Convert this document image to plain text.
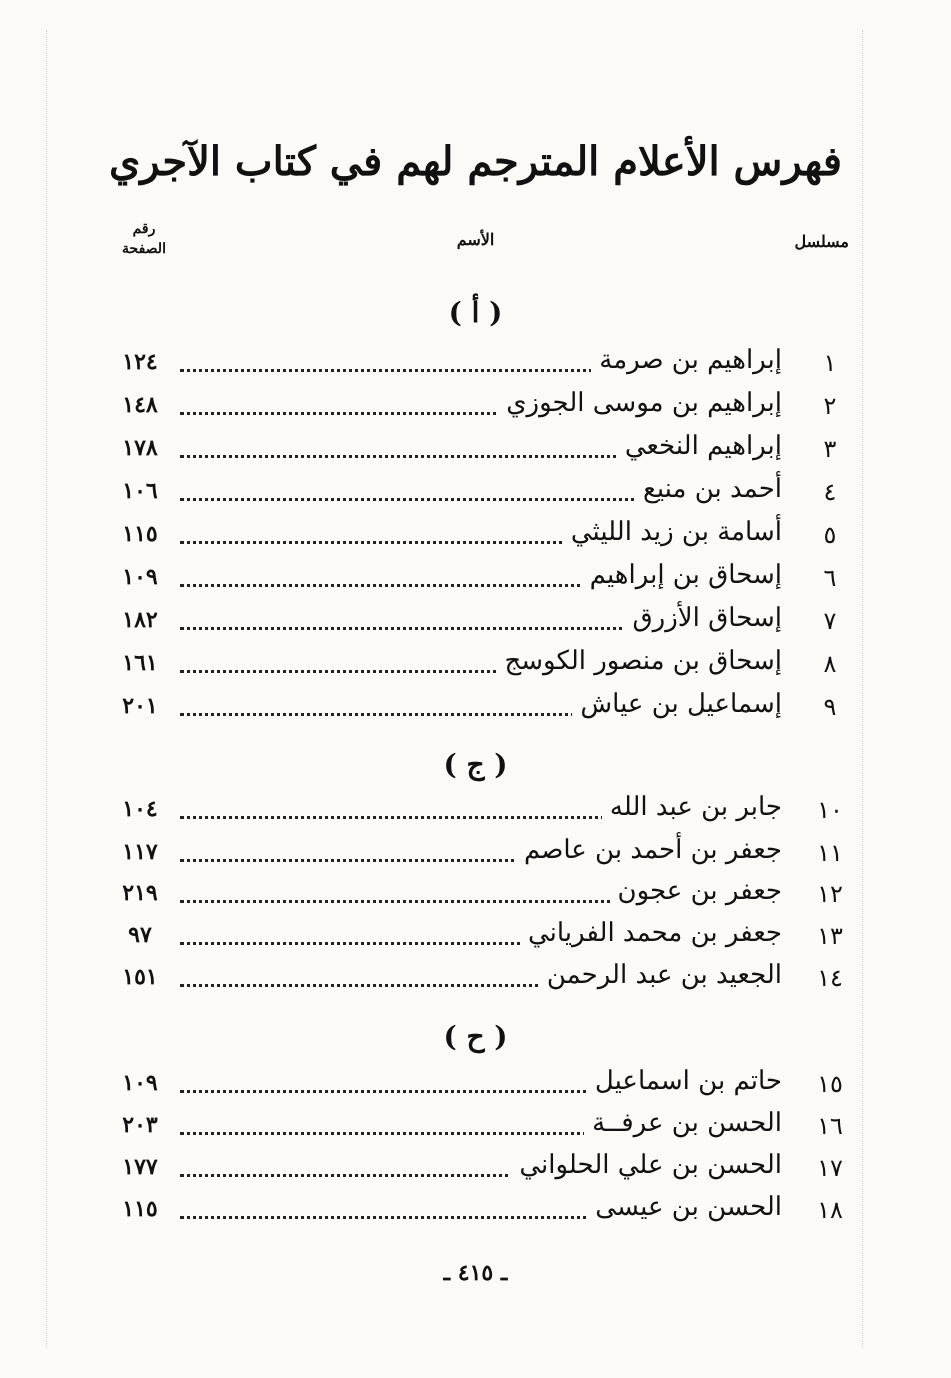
فهرس الأعلام المترجم لهم في كتاب الآجري
مسلسل
الأسم
رقم
الصفحة
( أ )
١
إبراهيم بن صرمة
١٢٤
٢
إبراهيم بن موسى الجوزي
١٤٨
٣
إبراهيم النخعي
١٧٨
٤
أحمد بن منيع
١٠٦
٥
أسامة بن زيد الليثي
١١٥
٦
إسحاق بن إبراهيم
١٠٩
٧
إسحاق الأزرق
١٨٢
٨
إسحاق بن منصور الكوسج
١٦١
٩
إسماعيل بن عياش
٢٠١
( ج )
١٠
جابر بن عبد الله
١٠٤
١١
جعفر بن أحمد بن عاصم
١١٧
١٢
جعفر بن عجون
٢١٩
١٣
جعفر بن محمد الفرياني
٩٧
١٤
الجعيد بن عبد الرحمن
١٥١
( ح )
١٥
حاتم بن اسماعيل
١٠٩
١٦
الحسن بن عرفــة
٢٠٣
١٧
الحسن بن علي الحلواني
١٧٧
١٨
الحسن بن عيسى
١١٥
ـ ٤١٥ ـ
